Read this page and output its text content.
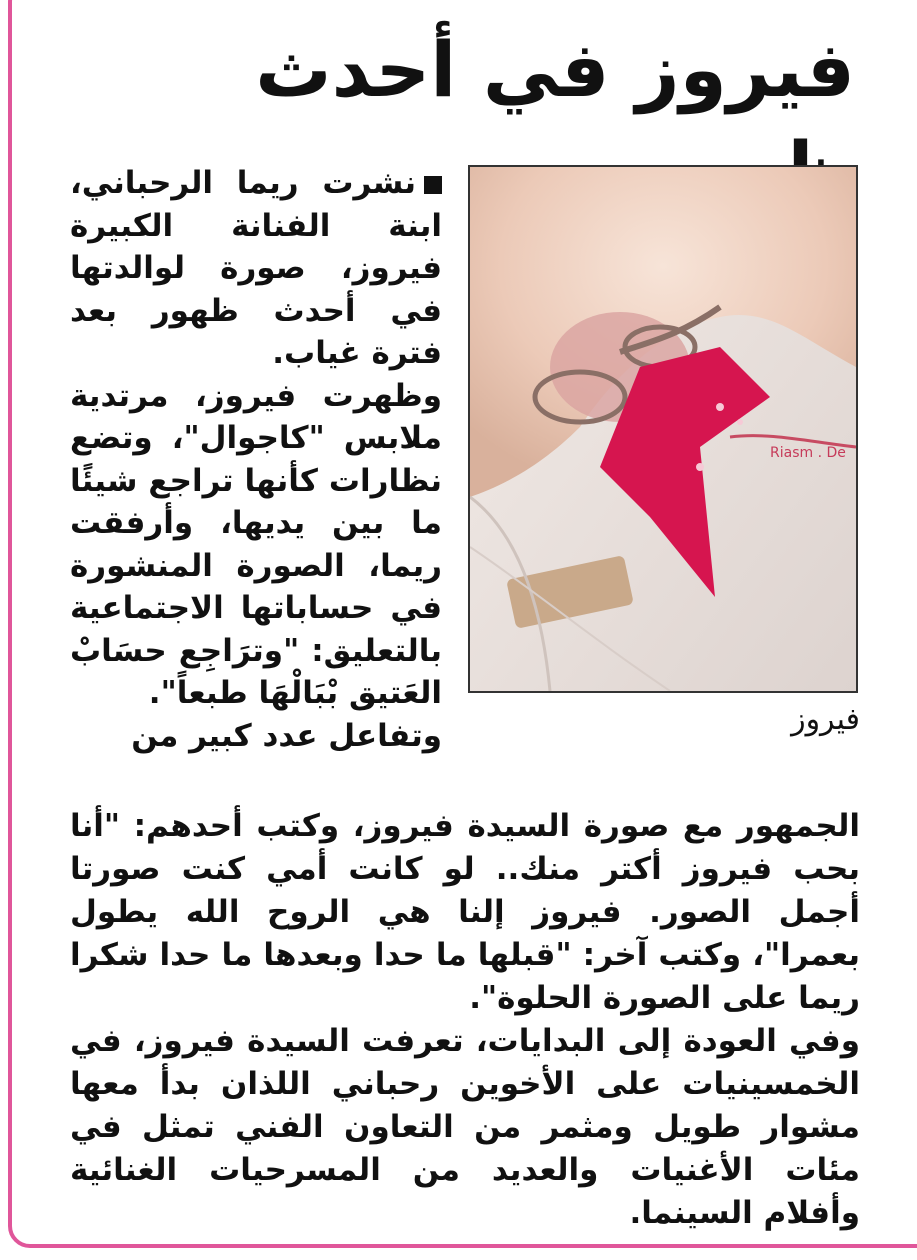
فيروز في أحدث
Riasm . De
فيروز

نشرت ريما الرحباني، ابنة الفنانة الكبيرة فيروز، صورة لوالدتها في أحدث ظهور بعد فترة غياب.

وظهرت فيروز، مرتدية ملابس "كاجوال"، وتضع نظارات كأنها تراجع شيئًا ما بين يديها، وأرفقت ريما، الصورة المنشورة في حساباتها الاجتماعية بالتعليق: "وترَاجِع حسَابْ العَتيق بْبَالْهَا طبعاً".

وتفاعل عدد كبير من

الجمهور مع صورة السيدة فيروز، وكتب أحدهم: "أنا بحب فيروز أكتر منك.. لو كانت أمي كنت صورتا أجمل الصور. فيروز إلنا هي الروح الله يطول بعمرا"، وكتب آخر: "قبلها ما حدا وبعدها ما حدا شكرا ريما على الصورة الحلوة".

وفي العودة إلى البدايات، تعرفت السيدة فيروز، في الخمسينيات على الأخوين رحباني اللذان بدأ معها مشوار طويل ومثمر من التعاون الفني تمثل في مئات الأغنيات والعديد من المسرحيات الغنائية وأفلام السينما.
